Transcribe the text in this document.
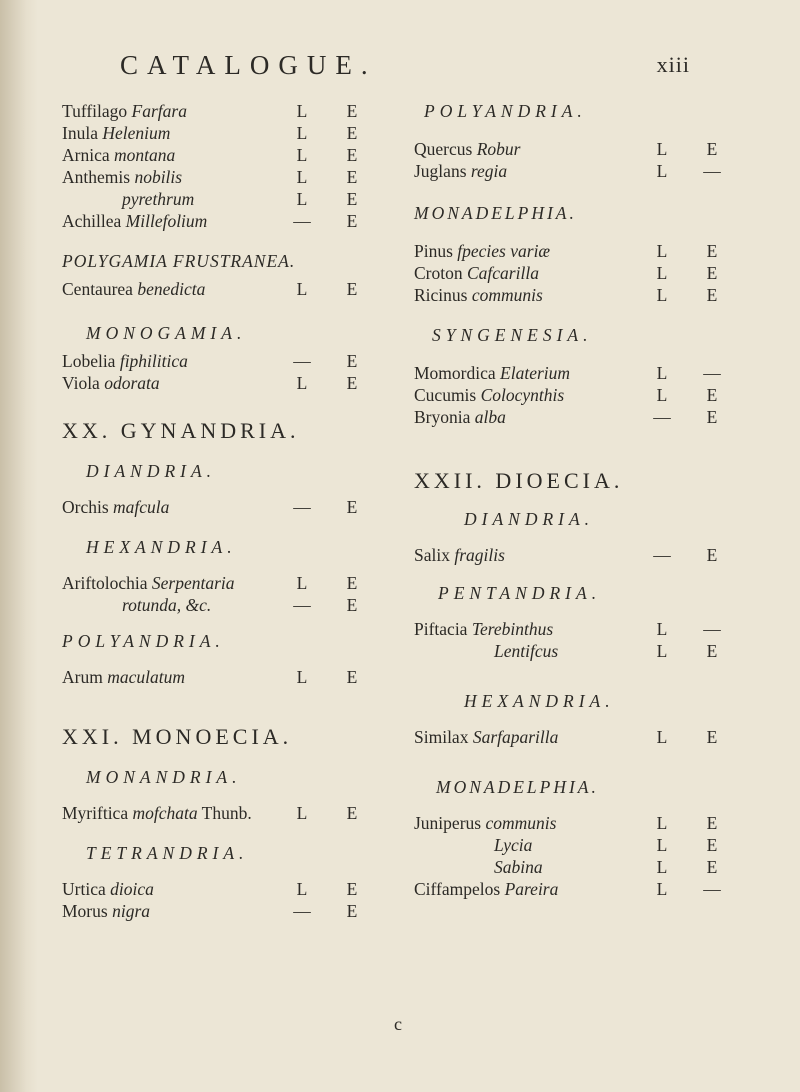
CATALOGUE.	xiii
Tuffilago Farfara	L E
Inula Helenium	L E
Arnica montana	L E
Anthemis nobilis	L E
pyrethrum	L E
Achillea Millefolium	— E
POLYGAMIA FRUSTRANEA.
Centaurea benedicta	L E
MONOGAMIA.
Lobelia fiphilitica	— E
Viola odorata	L E
XX. GYNANDRIA.
DIANDRIA.
Orchis mafcula	— E
HEXANDRIA.
Ariftolochia Serpentaria	L E
rotunda, &c.	— E
POLYANDRIA.
Arum maculatum	L E
XXI. MONOECIA.
MONANDRIA.
Myriftica mofchata Thunb.	L E
TETRANDRIA.
Urtica dioica	L E
Morus nigra	— E
POLYANDRIA.
Quercus Robur	L E
Juglans regia	L —
MONADELPHIA.
Pinus fpecies variæ	L E
Croton Cafcarilla	L E
Ricinus communis	L E
SYNGENESIA.
Momordica Elaterium	L —
Cucumis Colocynthis	L E
Bryonia alba	— E
XXII. DIOECIA.
DIANDRIA.
Salix fragilis	— E
PENTANDRIA.
Piftacia Terebinthus	L —
Lentifcus	L E
HEXANDRIA.
Similax Sarfaparilla	L E
MONADELPHIA.
Juniperus communis	L E
Lycia	L E
Sabina	L E
Ciffampelos Pareira	L —
c
